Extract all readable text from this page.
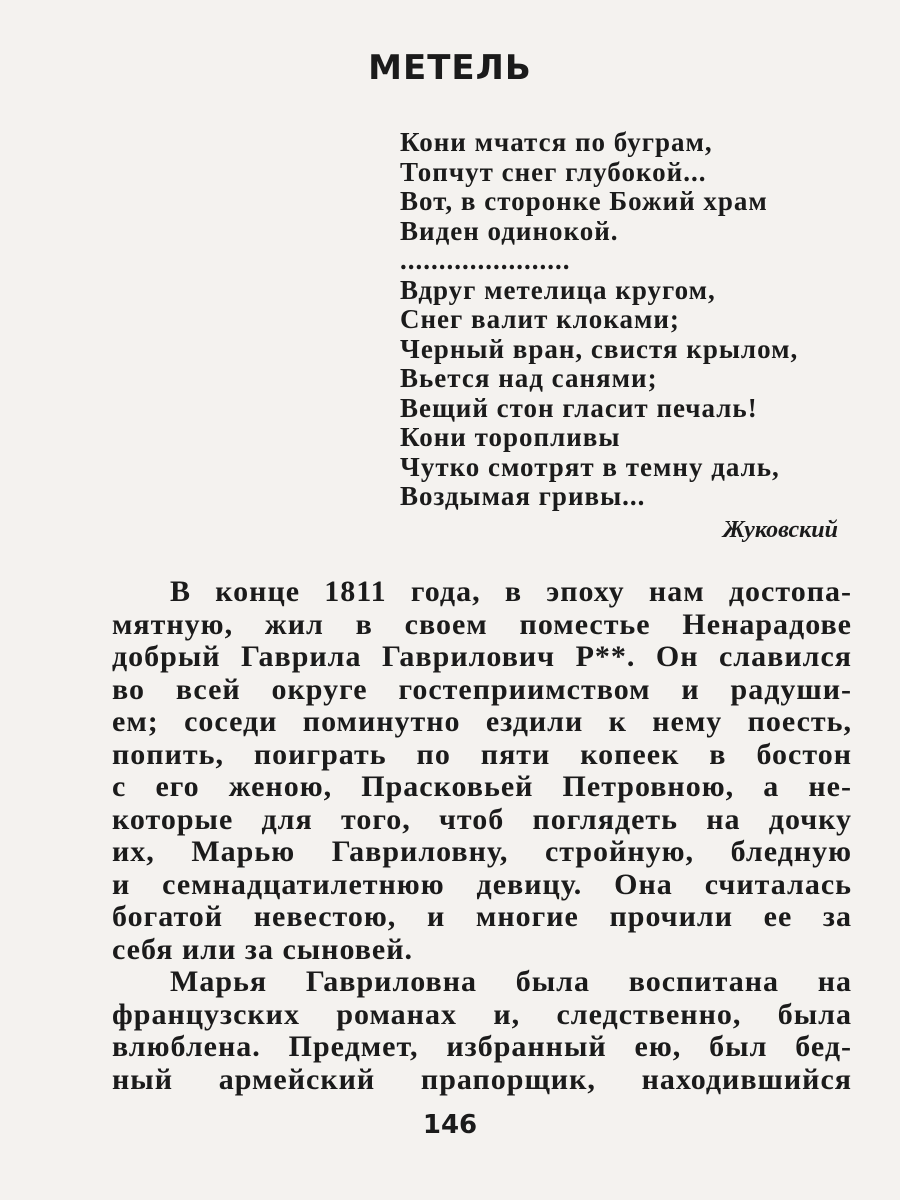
МЕТЕЛЬ
Кони мчатся по буграм,
Топчут снег глубокой...
Вот, в сторонке Божий храм
Виден одинокой.
......................
Вдруг метелица кругом,
Снег валит клоками;
Черный вран, свистя крылом,
Вьется над санями;
Вещий стон гласит печаль!
Кони торопливы
Чутко смотрят в темну даль,
Воздымая гривы...
Жуковский
В конце 1811 года, в эпоху нам достопа-
мятную, жил в своем поместье Ненарадове
добрый Гаврила Гаврилович Р**. Он славился
во всей округе гостеприимством и радуши-
ем; соседи поминутно ездили к нему поесть,
попить, поиграть по пяти копеек в бостон
с его женою, Прасковьей Петровною, а не-
которые для того, чтоб поглядеть на дочку
их, Марью Гавриловну, стройную, бледную
и семнадцатилетнюю девицу. Она считалась
богатой невестою, и многие прочили ее за
себя или за сыновей.
Марья Гавриловна была воспитана на
французских романах и, следственно, была
влюблена. Предмет, избранный ею, был бед-
ный армейский прапорщик, находившийся
146
